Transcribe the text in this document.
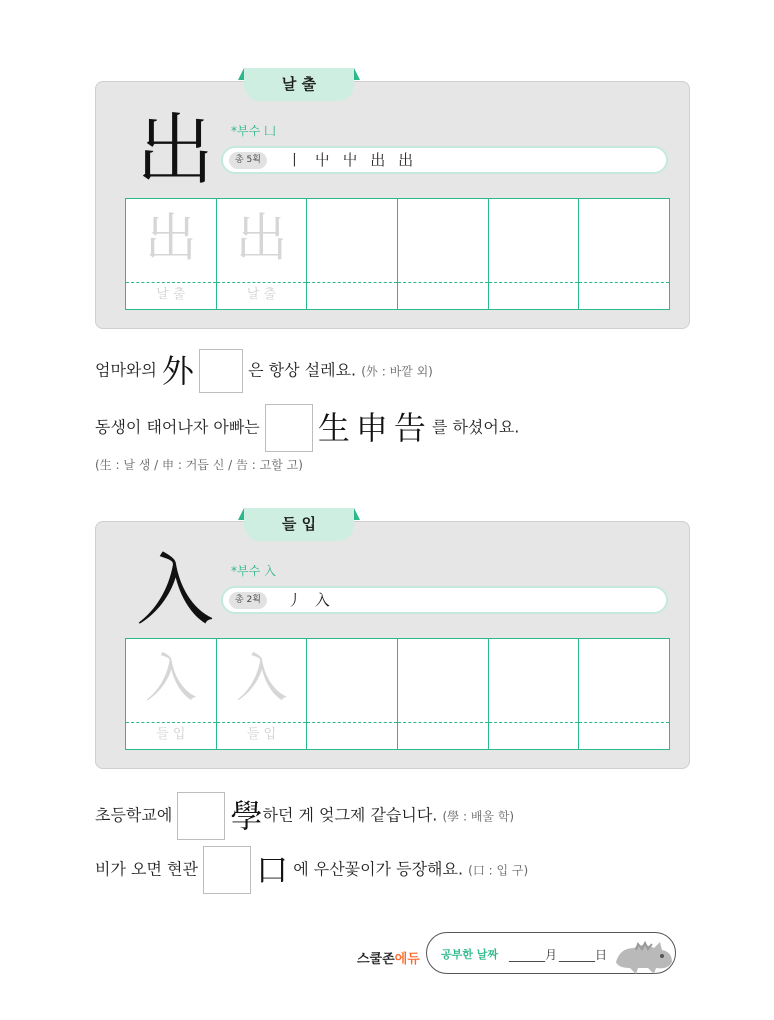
날 출
出 *부수 凵
총 5획	丨 屮 屮 出 出
出
날 출
出
날 출
엄마와의 外	은 항상 설레요. (外 : 바깥 외)
동생이 태어나자 아빠는 生申告를 하셨어요.
(生 : 날 생 / 申 : 거듭 신 / 告 : 고할 고)
들 입
入 *부수 入
총 2획	丿 入
入
들 입
入
들 입
초등학교에 學하던 게 엊그제 같습니다. (學 : 배울 학)
비가 오면 현관 口 에 우산꽃이가 등장해요. (口 : 입 구)
스쿨존에듀 공부한 날짜 ______月 ______日
